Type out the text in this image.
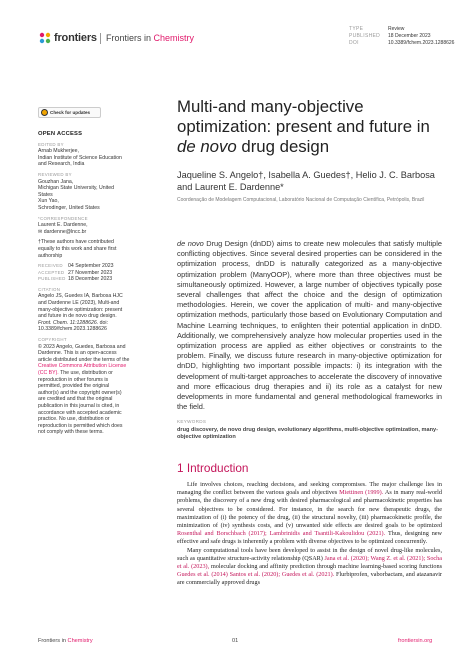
frontiers Frontiers in Chemistry
TYPE	Review
PUBLISHED 18 December 2023
DOI	10.3389/fchem.2023.1288626
Check for updates
OPEN ACCESS
EDITED BY

Arnab Mukherjee,
Indian Institute of Science Education and Research, India

REVIEWED BY

Gouzhan Jana,
Michigan State University, United States
Xun Yao,
Schrodinger, United States

*CORRESPONDENCE

Laurent E. Dardenne,

✉ dardenne@lncc.br

†These authors have contributed equally to this work and share first authorship

RECEIVED 04 September 2023
ACCEPTED 27 November 2023
PUBLISHED 18 December 2023
CITATION

Angelo JS, Guedes IA, Barbosa HJC and Dardenne LE (2023), Multi-and many-objective optimization: present and future in de novo drug design. Front. Chem. 11:1288626. doi: 10.3389/fchem.2023.1288626

COPYRIGHT

© 2023 Angelo, Guedes, Barbosa and Dardenne. This is an open-access article distributed under the terms of the Creative Commons Attribution License (CC BY). The use, distribution or reproduction in other forums is permitted, provided the original author(s) and the copyright owner(s) are credited and that the original publication in this journal is cited, in accordance with accepted academic practice. No use, distribution or reproduction is permitted which does not comply with these terms.

Multi-and many-objective optimization: present and future in de novo drug design
Jaqueline S. Angelo†, Isabella A. Guedes†, Helio J. C. Barbosa and Laurent E. Dardenne*
Coordenação de Modelagem Computacional, Laboratório Nacional de Computação Científica, Petrópolis, Brazil
de novo Drug Design (dnDD) aims to create new molecules that satisfy multiple conflicting objectives. Since several desired properties can be considered in the optimization process, dnDD is naturally categorized as a many-objective optimization problem (ManyOOP), where more than three objectives must be simultaneously optimized. However, a large number of objectives typically pose several challenges that affect the choice and the design of optimization methodologies. Herein, we cover the application of multi- and many-objective optimization methods, particularly those based on Evolutionary Computation and Machine Learning techniques, to enlighten their potential application in dnDD. Additionally, we comprehensively analyze how molecular properties used in the optimization process are applied as either objectives or constraints to the problem. Finally, we discuss future research in many-objective optimization for dnDD, highlighting two important possible impacts: i) its integration with the development of multi-target approaches to accelerate the discovery of innovative and more efficacious drug therapies and ii) its role as a catalyst for new developments in more fundamental and general methodological frameworks in the field.
KEYWORDS
drug discovery, de novo drug design, evolutionary algorithms, multi-objective optimization, many-objective optimization
1 Introduction

Life involves choices, reaching decisions, and seeking compromises. The major challenge lies in managing the conflict between the various goals and objectives Miettinen (1999). As in many real-world problems, the discovery of a new drug with desired pharmacological and pharmacokinetic properties has several objectives to be considered. For instance, in the search for new therapeutic drugs, the maximization of (i) the potency of the drug, (ii) the structural novelty, (iii) pharmacokinetic profile, the minimization of (iv) synthesis costs, and (v) unwanted side effects are desired goals to be optimized Rosenthal and Borschbach (2017); Lambrinidis and Tsantili-Kakoulidou (2021). Thus, designing new effective and safe drugs is inherently a problem with diverse objectives to be optimized concurrently.

Many computational tools have been developed to assist in the design of novel drug-like molecules, such as quantitative structure-activity relationship (QSAR) Jana et al. (2020); Wang Z. et al. (2021); Socha et al. (2023), molecular docking and affinity prediction through machine learning-based scoring functions Guedes et al. (2014) Santos et al. (2020); Guedes et al. (2021). Flurbiprofen, vaborbactam, and atazanavir are commercially approved drugs

Frontiers in Chemistry	01	frontiersin.org
